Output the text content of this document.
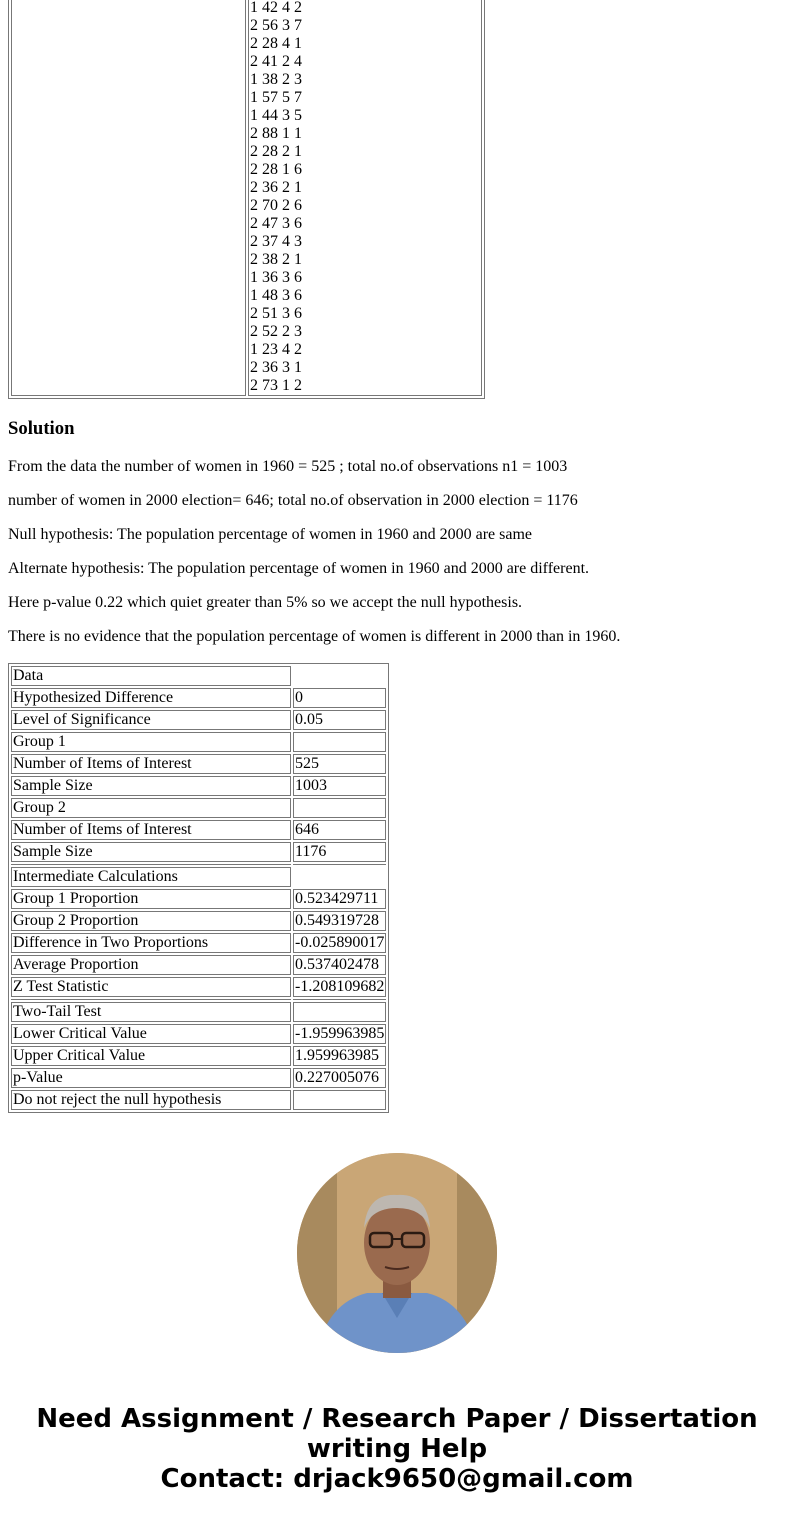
1 42 4 2
2 56 3 7
2 28 4 1
2 41 2 4
1 38 2 3
1 57 5 7
1 44 3 5
2 88 1 1
2 28 2 1
2 28 1 6
2 36 2 1
2 70 2 6
2 47 3 6
2 37 4 3
2 38 2 1
1 36 3 6
1 48 3 6
2 51 3 6
2 52 2 3
1 23 4 2
2 36 3 1
2 73 1 2
Solution

From the data the number of women in 1960 = 525 ; total no.of observations n1 = 1003

number of women in 2000 election= 646; total no.of observation in 2000 election = 1176

Null hypothesis: The population percentage of women in 1960 and 2000 are same

Alternate hypothesis: The population percentage of women in 1960 and 2000 are different.

Here p-value 0.22 which quiet greater than 5% so we accept the null hypothesis.

There is no evidence that the population percentage of women is different in 2000 than in 1960.

Data	
Hypothesized Difference	0
Level of Significance	0.05
Group 1	
Number of Items of Interest	525
Sample Size	1003
Group 2	
Number of Items of Interest	646
Sample Size	1176

Intermediate Calculations	
Group 1 Proportion	0.523429711
Group 2 Proportion	0.549319728
Difference in Two Proportions	-0.025890017
Average Proportion	0.537402478
Z Test Statistic	-1.208109682

Two-Tail Test	
Lower Critical Value	-1.959963985
Upper Critical Value	1.959963985
p-Value	0.227005076
Do not reject the null hypothesis	
Need Assignment / Research Paper / Dissertation writing Help
Contact: drjack9650@gmail.com
